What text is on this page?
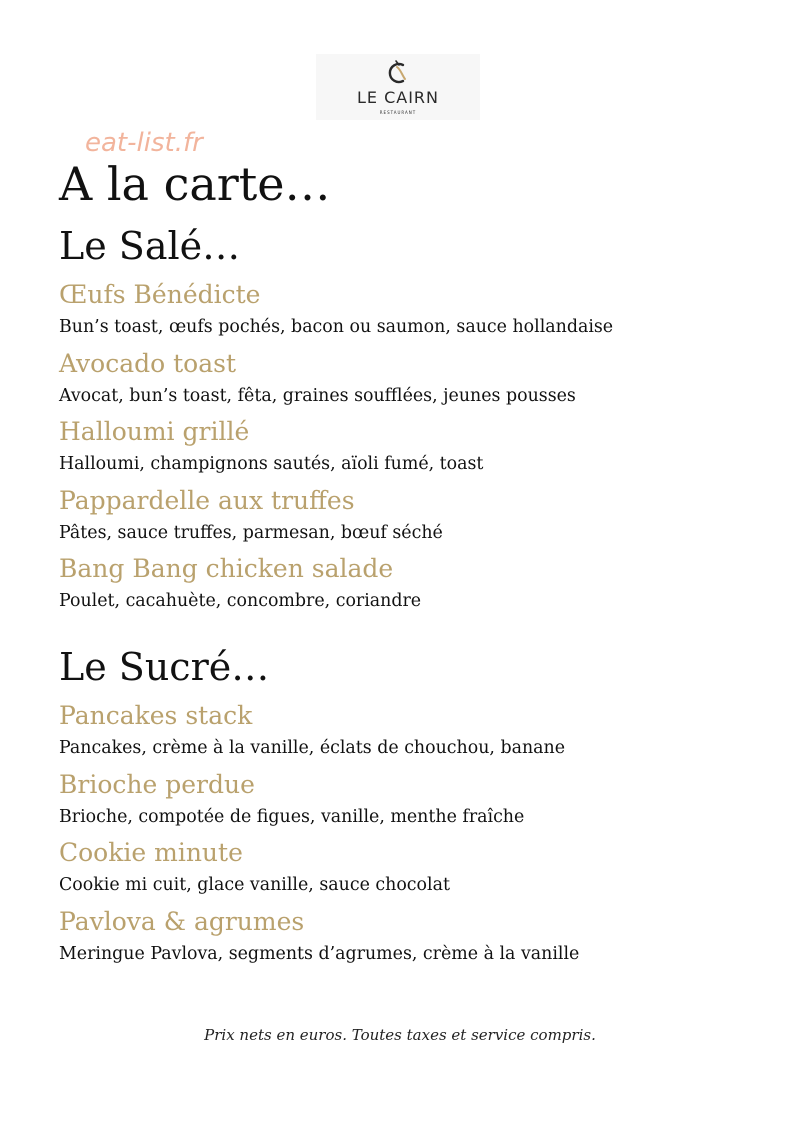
LE CAIRN
RESTAURANT
eat-list.fr
A la carte…
Le Salé…
Œufs Bénédicte
Bun’s toast, œufs pochés, bacon ou saumon, sauce hollandaise
Avocado toast
Avocat, bun’s toast, fêta, graines soufflées, jeunes pousses
Halloumi grillé
Halloumi, champignons sautés, aïoli fumé, toast
Pappardelle aux truffes
Pâtes, sauce truffes, parmesan, bœuf séché
Bang Bang chicken salade
Poulet, cacahuète, concombre, coriandre
Le Sucré…
Pancakes stack
Pancakes, crème à la vanille, éclats de chouchou, banane
Brioche perdue
Brioche, compotée de figues, vanille, menthe fraîche
Cookie minute
Cookie mi cuit, glace vanille, sauce chocolat
Pavlova & agrumes
Meringue Pavlova, segments d’agrumes, crème à la vanille
Prix nets en euros. Toutes taxes et service compris.
